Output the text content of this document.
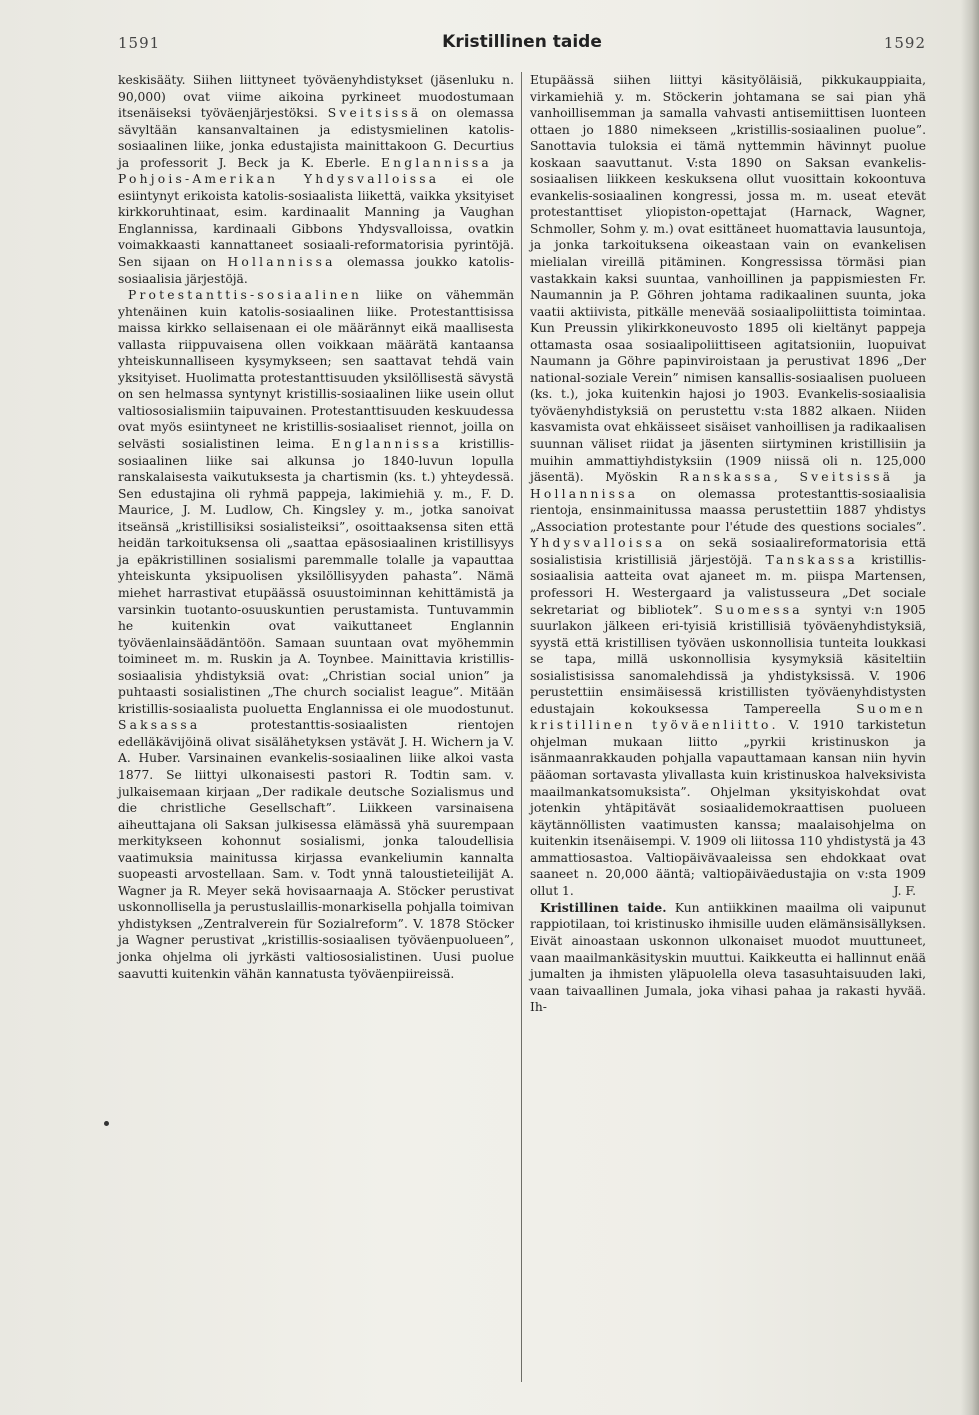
1591	Kristillinen taide	1592

keskisääty. Siihen liittyneet työväenyhdistykset (jäsenluku n. 90,000) ovat viime aikoina pyrkineet muodostumaan itsenäiseksi työväenjärjestöksi. Sveitsissä on olemassa sävyltään kansanvaltainen ja edistysmielinen katolis-sosiaalinen liike, jonka edustajista mainittakoon G. Decurtius ja professorit J. Beck ja K. Eberle. Englannissa ja Pohjois-Amerikan Yhdysvalloissa ei ole esiintynyt erikoista katolis-sosiaalista liikettä, vaikka yksityiset kirkkoruhtinaat, esim. kardinaalit Manning ja Vaughan Englannissa, kardinaali Gibbons Yhdysvalloissa, ovatkin voimakkaasti kannattaneet sosiaali-reformatorisia pyrintöjä. Sen sijaan on Hollannissa olemassa joukko katolis-sosiaalisia järjestöjä.

Protestanttis-sosiaalinen liike on vähemmän yhtenäinen kuin katolis-sosiaalinen liike. Protestanttisissa maissa kirkko sellaisenaan ei ole määrännyt eikä maallisesta vallasta riippuvaisena ollen voikkaan määrätä kantaansa yhteiskunnalliseen kysymykseen; sen saattavat tehdä vain yksityiset. Huolimatta protestanttisuuden yksilöllisestä sävystä on sen helmassa syntynyt kristillis-sosiaalinen liike usein ollut valtiososialismiin taipuvainen. Protestanttisuuden keskuudessa ovat myös esiintyneet ne kristillis-sosiaaliset riennot, joilla on selvästi sosialistinen leima. Englannissa kristillis-sosiaalinen liike sai alkunsa jo 1840-luvun lopulla ranskalaisesta vaikutuksesta ja chartismin (ks. t.) yhteydessä. Sen edustajina oli ryhmä pappeja, lakimiehiä y. m., F. D. Maurice, J. M. Ludlow, Ch. Kingsley y. m., jotka sanoivat itseänsä „kristillisiksi sosialisteiksi”, osoittaaksensa siten että heidän tarkoituksensa oli „saattaa epäsosiaalinen kristillisyys ja epäkristillinen sosialismi paremmalle tolalle ja vapauttaa yhteiskunta yksipuolisen yksilöllisyyden pahasta”. Nämä miehet harrastivat etupäässä osuustoiminnan kehittämistä ja varsinkin tuotanto-osuuskuntien perustamista. Tuntuvammin he kuitenkin ovat vaikuttaneet Englannin työväenlainsäädäntöön. Samaan suuntaan ovat myöhemmin toimineet m. m. Ruskin ja A. Toynbee. Mainittavia kristillis-sosiaalisia yhdistyksiä ovat: „Christian social union” ja puhtaasti sosialistinen „The church socialist league”. Mitään kristillis-sosiaalista puoluetta Englannissa ei ole muodostunut. Saksassa protestanttis-sosiaalisten rientojen edelläkävijöinä olivat sisälähetyksen ystävät J. H. Wichern ja V. A. Huber. Varsinainen evankelis-sosiaalinen liike alkoi vasta 1877. Se liittyi ulkonaisesti pastori R. Todtin sam. v. julkaisemaan kirjaan „Der radikale deutsche Sozialismus und die christliche Gesellschaft”. Liikkeen varsinaisena aiheuttajana oli Saksan julkisessa elämässä yhä suurempaan merkitykseen kohonnut sosialismi, jonka taloudellisia vaatimuksia mainitussa kirjassa evankeliumin kannalta suopeasti arvostellaan. Sam. v. Todt ynnä taloustieteilijät A. Wagner ja R. Meyer sekä hovisaarnaaja A. Stöcker perustivat uskonnollisella ja perustuslaillis-monarkisella pohjalla toimivan yhdistyksen „Zentralverein für Sozialreform”. V. 1878 Stöcker ja Wagner perustivat „kristillis-sosiaalisen työväenpuolueen”, jonka ohjelma oli jyrkästi valtiososialistinen. Uusi puolue saavutti kuitenkin vähän kannatusta työväenpiireissä.

Etupäässä siihen liittyi käsityöläisiä, pikkukauppiaita, virkamiehiä y. m. Stöckerin johtamana se sai pian yhä vanhoillisemman ja samalla vahvasti antisemiittisen luonteen ottaen jo 1880 nimekseen „kristillis-sosiaalinen puolue”. Sanottavia tuloksia ei tämä nyttemmin hävinnyt puolue koskaan saavuttanut. V:sta 1890 on Saksan evankelis-sosiaalisen liikkeen keskuksena ollut vuosittain kokoontuva evankelis-sosiaalinen kongressi, jossa m. m. useat etevät protestanttiset yliopiston-opettajat (Harnack, Wagner, Schmoller, Sohm y. m.) ovat esittäneet huomattavia lausuntoja, ja jonka tarkoituksena oikeastaan vain on evankelisen mielialan vireillä pitäminen. Kongressissa törmäsi pian vastakkain kaksi suuntaa, vanhoillinen ja pappismiesten Fr. Naumannin ja P. Göhren johtama radikaalinen suunta, joka vaatii aktiivista, pitkälle menevää sosiaalipoliittista toimintaa. Kun Preussin ylikirkkoneuvosto 1895 oli kieltänyt pappeja ottamasta osaa sosiaalipoliittiseen agitatsioniin, luopuivat Naumann ja Göhre papinviroistaan ja perustivat 1896 „Der national-soziale Verein” nimisen kansallis-sosiaalisen puolueen (ks. t.), joka kuitenkin hajosi jo 1903. Evankelis-sosiaalisia työväenyhdistyksiä on perustettu v:sta 1882 alkaen. Niiden kasvamista ovat ehkäisseet sisäiset vanhoillisen ja radikaalisen suunnan väliset riidat ja jäsenten siirtyminen kristillisiin ja muihin ammattiyhdistyksiin (1909 niissä oli n. 125,000 jäsentä). Myöskin Ranskassa, Sveitsissä ja Hollannissa on olemassa protestanttis-sosiaalisia rientoja, ensinmainitussa maassa perustettiin 1887 yhdistys „Association protestante pour l'étude des questions sociales”. Yhdysvalloissa on sekä sosiaalireformatorisia että sosialistisia kristillisiä järjestöjä. Tanskassa kristillis-sosiaalisia aatteita ovat ajaneet m. m. piispa Martensen, professori H. Westergaard ja valistusseura „Det sociale sekretariat og bibliotek”. Suomessa syntyi v:n 1905 suurlakon jälkeen eri-tyisiä kristillisiä työväenyhdistyksiä, syystä että kristillisen työväen uskonnollisia tunteita loukkasi se tapa, millä uskonnollisia kysymyksiä käsiteltiin sosialistisissa sanomalehdissä ja yhdistyksissä. V. 1906 perustettiin ensimäisessä kristillisten työväenyhdistysten edustajain kokouksessa Tampereella Suomen kristillinen työväenliitto. V. 1910 tarkistetun ohjelman mukaan liitto „pyrkii kristinuskon ja isänmaanrakkauden pohjalla vapauttamaan kansan niin hyvin pääoman sortavasta ylivallasta kuin kristinuskoa halveksivista maailmankatsomuksista”. Ohjelman yksityiskohdat ovat jotenkin yhtäpitävät sosiaalidemokraattisen puolueen käytännöllisten vaatimusten kanssa; maalaisohjelma on kuitenkin itsenäisempi. V. 1909 oli liitossa 110 yhdistystä ja 43 ammattiosastoa. Valtiopäivävaaleissa sen ehdokkaat ovat saaneet n. 20,000 ääntä; valtiopäiväedustajia on v:sta 1909 ollut 1.	J. F.

Kristillinen taide. Kun antiikkinen maailma oli vaipunut rappiotilaan, toi kristinusko ihmisille uuden elämänsisällyksen. Eivät ainoastaan uskonnon ulkonaiset muodot muuttuneet, vaan maailmankäsityskin muuttui. Kaikkeutta ei hallinnut enää jumalten ja ihmisten yläpuolella oleva tasasuhtaisuuden laki, vaan taivaallinen Jumala, joka vihasi pahaa ja rakasti hyvää. Ih-
